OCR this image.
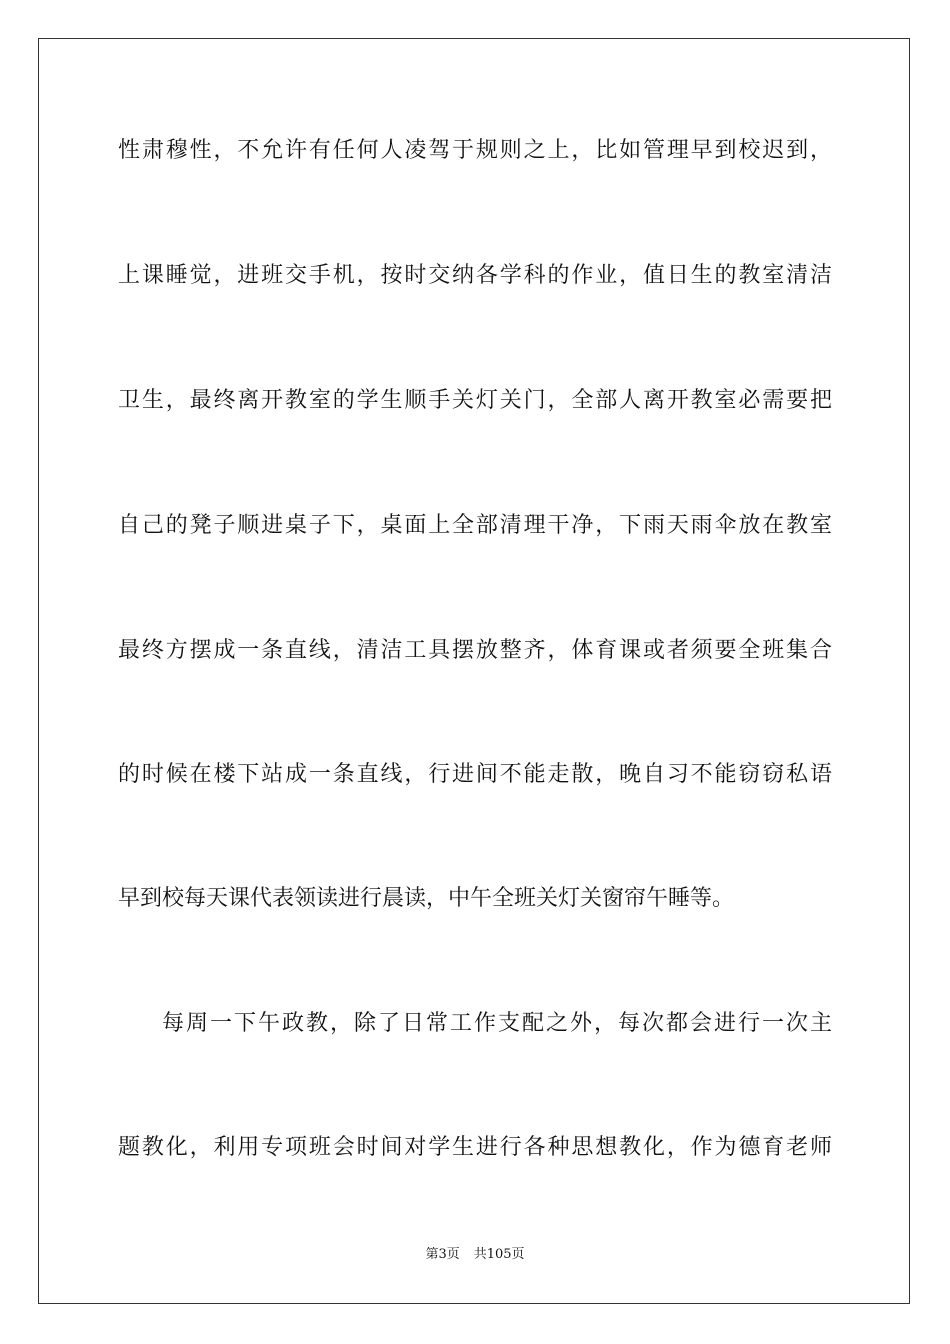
性肃穆性，不允许有任何人凌驾于规则之上，比如管理早到校迟到，
上课睡觉，进班交手机，按时交纳各学科的作业，值日生的教室清洁
卫生，最终离开教室的学生顺手关灯关门，全部人离开教室必需要把
自己的凳子顺进桌子下，桌面上全部清理干净，下雨天雨伞放在教室
最终方摆成一条直线，清洁工具摆放整齐，体育课或者须要全班集合
的时候在楼下站成一条直线，行进间不能走散，晚自习不能窃窃私语
早到校每天课代表领读进行晨读，中午全班关灯关窗帘午睡等。
每周一下午政教，除了日常工作支配之外，每次都会进行一次主
题教化，利用专项班会时间对学生进行各种思想教化，作为德育老师
第3页 共105页
